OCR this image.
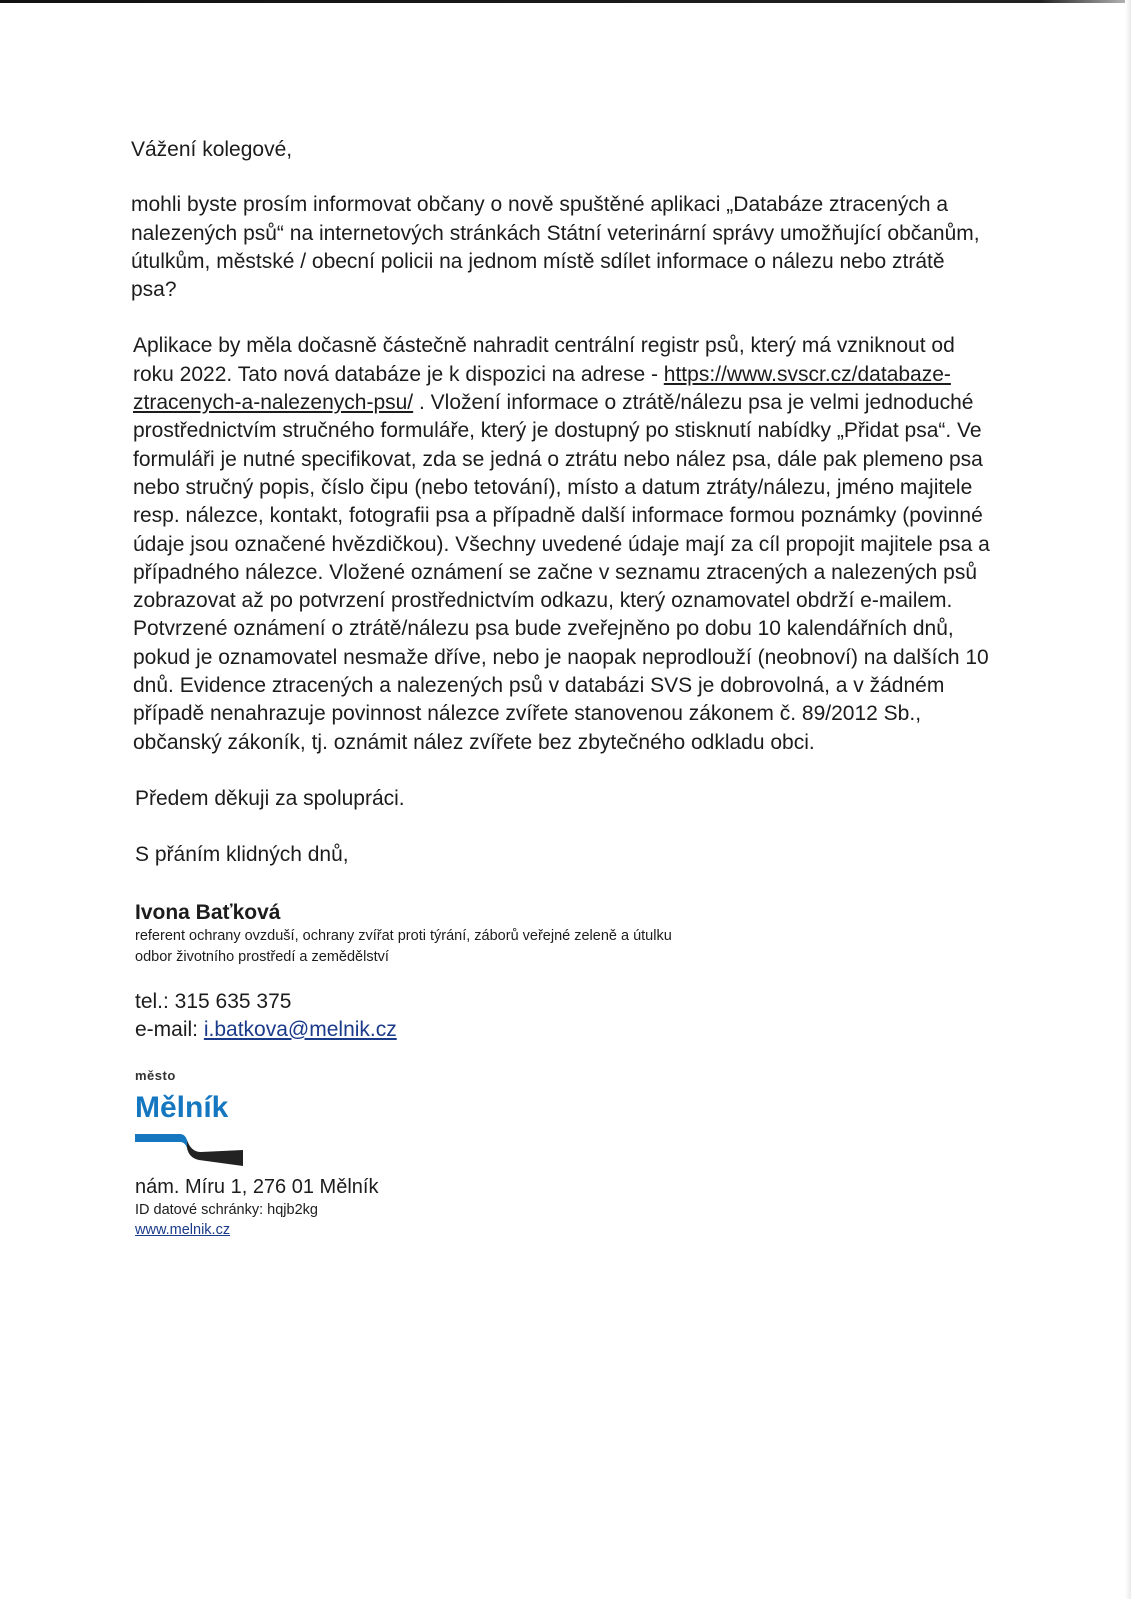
Vážení kolegové,

mohli byste prosím informovat občany o nově spuštěné aplikaci „Databáze ztracených a nalezených psů“ na internetových stránkách Státní veterinární správy umožňující občanům, útulkům, městské / obecní policii na jednom místě sdílet informace o nálezu nebo ztrátě psa?

Aplikace by měla dočasně částečně nahradit centrální registr psů, který má vzniknout od roku 2022. Tato nová databáze je k dispozici na adrese - https://www.svscr.cz/databaze-ztracenych-a-nalezenych-psu/ . Vložení informace o ztrátě/nálezu psa je velmi jednoduché prostřednictvím stručného formuláře, který je dostupný po stisknutí nabídky „Přidat psa“. Ve formuláři je nutné specifikovat, zda se jedná o ztrátu nebo nález psa, dále pak plemeno psa nebo stručný popis, číslo čipu (nebo tetování), místo a datum ztráty/nálezu, jméno majitele resp. nálezce, kontakt, fotografii psa a případně další informace formou poznámky (povinné údaje jsou označené hvězdičkou). Všechny uvedené údaje mají za cíl propojit majitele psa a případného nálezce. Vložené oznámení se začne v seznamu ztracených a nalezených psů zobrazovat až po potvrzení prostřednictvím odkazu, který oznamovatel obdrží e-mailem. Potvrzené oznámení o ztrátě/nálezu psa bude zveřejněno po dobu 10 kalendářních dnů, pokud je oznamovatel nesmaže dříve, nebo je naopak neprodlouží (neobnoví) na dalších 10 dnů. Evidence ztracených a nalezených psů v databázi SVS je dobrovolná, a v žádném případě nenahrazuje povinnost nálezce zvířete stanovenou zákonem č. 89/2012 Sb., občanský zákoník, tj. oznámit nález zvířete bez zbytečného odkladu obci.

Předem děkuji za spolupráci.

S přáním klidných dnů,

Ivona Baťková
referent ochrany ovzduší, ochrany zvířat proti týrání, záborů veřejné zeleně a útulku
odbor životního prostředí a zemědělství
tel.: 315 635 375
e-mail: i.batkova@melnik.cz
město
Mělník
nám. Míru 1, 276 01 Mělník
ID datové schránky: hqjb2kg
www.melnik.cz
